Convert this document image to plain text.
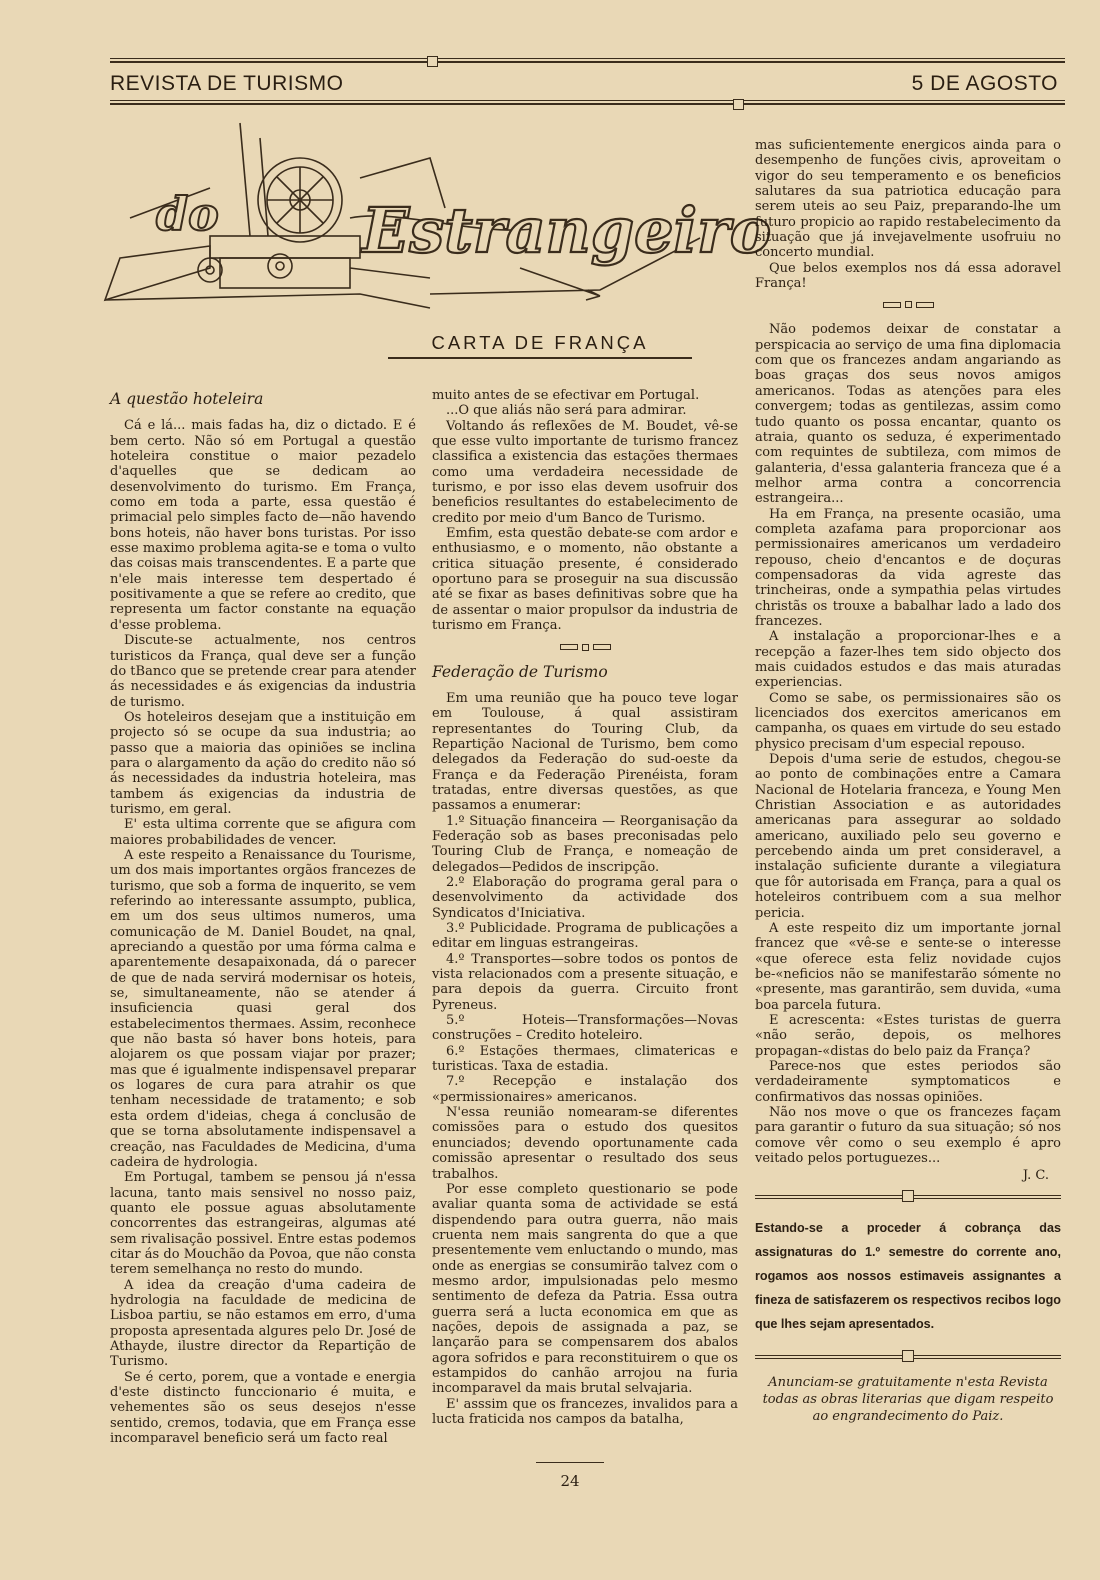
REVISTA DE TURISMO	5 DE AGOSTO
do Estrangeiro
CARTA DE FRANÇA
A questão hoteleira

Cá e lá... mais fadas ha, diz o dictado. E é bem certo. Não só em Portugal a questão hoteleira constitue o maior pezadelo d'aquelles que se dedicam ao desenvolvimento do turismo. Em França, como em toda a parte, essa questão é primacial pelo simples facto de—não havendo bons hoteis, não haver bons turistas. Por isso esse maximo problema agita-se e toma o vulto das coisas mais transcendentes. E a parte que n'ele mais interesse tem despertado é positivamente a que se refere ao credito, que representa um factor constante na equação d'esse problema.

Discute-se actualmente, nos centros turisticos da França, qual deve ser a função do tBanco que se pretende crear para atender ás necessidades e ás exigencias da industria de turismo.

Os hoteleiros desejam que a instituição em projecto só se ocupe da sua industria; ao passo que a maioria das opiniões se inclina para o alargamento da ação do credito não só ás necessidades da industria hoteleira, mas tambem ás exigencias da industria de turismo, em geral.

E' esta ultima corrente que se afigura com maiores probabilidades de vencer.

A este respeito a Renaissance du Tourisme, um dos mais importantes orgãos francezes de turismo, que sob a forma de inquerito, se vem referindo ao interessante assumpto, publica, em um dos seus ultimos numeros, uma comunicação de M. Daniel Boudet, na qnal, apreciando a questão por uma fórma calma e aparentemente desapaixonada, dá o parecer de que de nada servirá modernisar os hoteis, se, simultaneamente, não se atender á insuficiencia quasi geral dos estabelecimentos thermaes. Assim, reconhece que não basta só haver bons hoteis, para alojarem os que possam viajar por prazer; mas que é igualmente indispensavel preparar os logares de cura para atrahir os que tenham necessidade de tratamento; e sob esta ordem d'ideias, chega á conclusão de que se torna absolutamente indispensavel a creação, nas Faculdades de Medicina, d'uma cadeira de hydrologia.

Em Portugal, tambem se pensou já n'essa lacuna, tanto mais sensivel no nosso paiz, quanto ele possue aguas absolutamente concorrentes das estrangeiras, algumas até sem rivalisação possivel. Entre estas podemos citar ás do Mouchão da Povoa, que não consta terem semelhança no resto do mundo.

A idea da creação d'uma cadeira de hydrologia na faculdade de medicina de Lisboa partiu, se não estamos em erro, d'uma proposta apresentada algures pelo Dr. José de Athayde, ilustre director da Repartição de Turismo.

Se é certo, porem, que a vontade e energia d'este distincto funccionario é muita, e vehementes são os seus desejos n'esse sentido, cremos, todavia, que em França esse incomparavel beneficio será um facto real

muito antes de se efectivar em Portugal.

...O que aliás não será para admirar.

Voltando ás reflexões de M. Boudet, vê-se que esse vulto importante de turismo francez classifica a existencia das estações thermaes como uma verdadeira necessidade de turismo, e por isso elas devem usofruir dos beneficios resultantes do estabelecimento de credito por meio d'um Banco de Turismo.

Emfim, esta questão debate-se com ardor e enthusiasmo, e o momento, não obstante a critica situação presente, é considerado oportuno para se proseguir na sua discussão até se fixar as bases definitivas sobre que ha de assentar o maior propulsor da industria de turismo em França.

Federação de Turismo

Em uma reunião que ha pouco teve logar em Toulouse, á qual assistiram representantes do Touring Club, da Repartição Nacional de Turismo, bem como delegados da Federação do sud-oeste da França e da Federação Pirenéista, foram tratadas, entre diversas questões, as que passamos a enumerar:

1.º Situação financeira — Reorganisação da Federação sob as bases preconisadas pelo Touring Club de França, e nomeação de delegados—Pedidos de inscripção.

2.º Elaboração do programa geral para o desenvolvimento da actividade dos Syndicatos d'Iniciativa.

3.º Publicidade. Programa de publicações a editar em linguas estrangeiras.

4.º Transportes—sobre todos os pontos de vista relacionados com a presente situação, e para depois da guerra. Circuito front Pyreneus.

5.º Hoteis—Transformações—Novas construções – Credito hoteleiro.

6.º Estações thermaes, climatericas e turisticas. Taxa de estadia.

7.º Recepção e instalação dos «permissionaires» americanos.

N'essa reunião nomearam-se diferentes comissões para o estudo dos quesitos enunciados; devendo oportunamente cada comissão apresentar o resultado dos seus trabalhos.

Por esse completo questionario se pode avaliar quanta soma de actividade se está dispendendo para outra guerra, não mais cruenta nem mais sangrenta do que a que presentemente vem enluctando o mundo, mas onde as energias se consumirão talvez com o mesmo ardor, impulsionadas pelo mesmo sentimento de defeza da Patria. Essa outra guerra será a lucta economica em que as nações, depois de assignada a paz, se lançarão para se compensarem dos abalos agora sofridos e para reconstituirem o que os estampidos do canhão arrojou na furia incomparavel da mais brutal selvajaria.

E' asssim que os francezes, invalidos para a lucta fraticida nos campos da batalha,

mas suficientemente energicos ainda para o desempenho de funções civis, aproveitam o vigor do seu temperamento e os beneficios salutares da sua patriotica educação para serem uteis ao seu Paiz, preparando-lhe um futuro propicio ao rapido restabelecimento da situação que já invejavelmente usofruiu no concerto mundial.

Que belos exemplos nos dá essa adoravel França!

Não podemos deixar de constatar a perspicacia ao serviço de uma fina diplomacia com que os francezes andam angariando as boas graças dos seus novos amigos americanos. Todas as atenções para eles convergem; todas as gentilezas, assim como tudo quanto os possa encantar, quanto os atraia, quanto os seduza, é experimentado com requintes de subtileza, com mimos de galanteria, d'essa galanteria franceza que é a melhor arma contra a concorrencia estrangeira...

Ha em França, na presente ocasião, uma completa azafama para proporcionar aos permissionaires americanos um verdadeiro repouso, cheio d'encantos e de doçuras compensadoras da vida agreste das trincheiras, onde a sympathia pelas virtudes christãs os trouxe a babalhar lado a lado dos francezes.

A instalação a proporcionar-lhes e a recepção a fazer-lhes tem sido objecto dos mais cuidados estudos e das mais aturadas experiencias.

Como se sabe, os permissionaires são os licenciados dos exercitos americanos em campanha, os quaes em virtude do seu estado physico precisam d'um especial repouso.

Depois d'uma serie de estudos, chegou-se ao ponto de combinações entre a Camara Nacional de Hotelaria franceza, e Young Men Christian Association e as autoridades americanas para assegurar ao soldado americano, auxiliado pelo seu governo e percebendo ainda um pret consideravel, a instalação suficiente durante a vilegiatura que fôr autorisada em França, para a qual os hoteleiros contribuem com a sua melhor pericia.

A este respeito diz um importante jornal francez que «vê-se e sente-se o interesse «que oferece esta feliz novidade cujos be-«neficios não se manifestarão sómente no «presente, mas garantirão, sem duvida, «uma boa parcela futura.

E acrescenta: «Estes turistas de guerra «não serão, depois, os melhores propagan-«distas do belo paiz da França?

Parece-nos que estes periodos são verdadeiramente symptomaticos e confirmativos das nossas opiniões.

Não nos move o que os francezes façam para garantir o futuro da sua situação; só nos comove vêr como o seu exemplo é apro veitado pelos portuguezes...

J. C.
Estando-se a proceder á cobrança das assignaturas do 1.º semestre do corrente ano, rogamos aos nossos estimaveis assignantes a fineza de satisfazerem os respectivos recibos logo que lhes sejam apresentados.
Anunciam-se gratuitamente n'esta Revista todas as obras literarias que digam respeito ao engrandecimento do Paiz.
24
